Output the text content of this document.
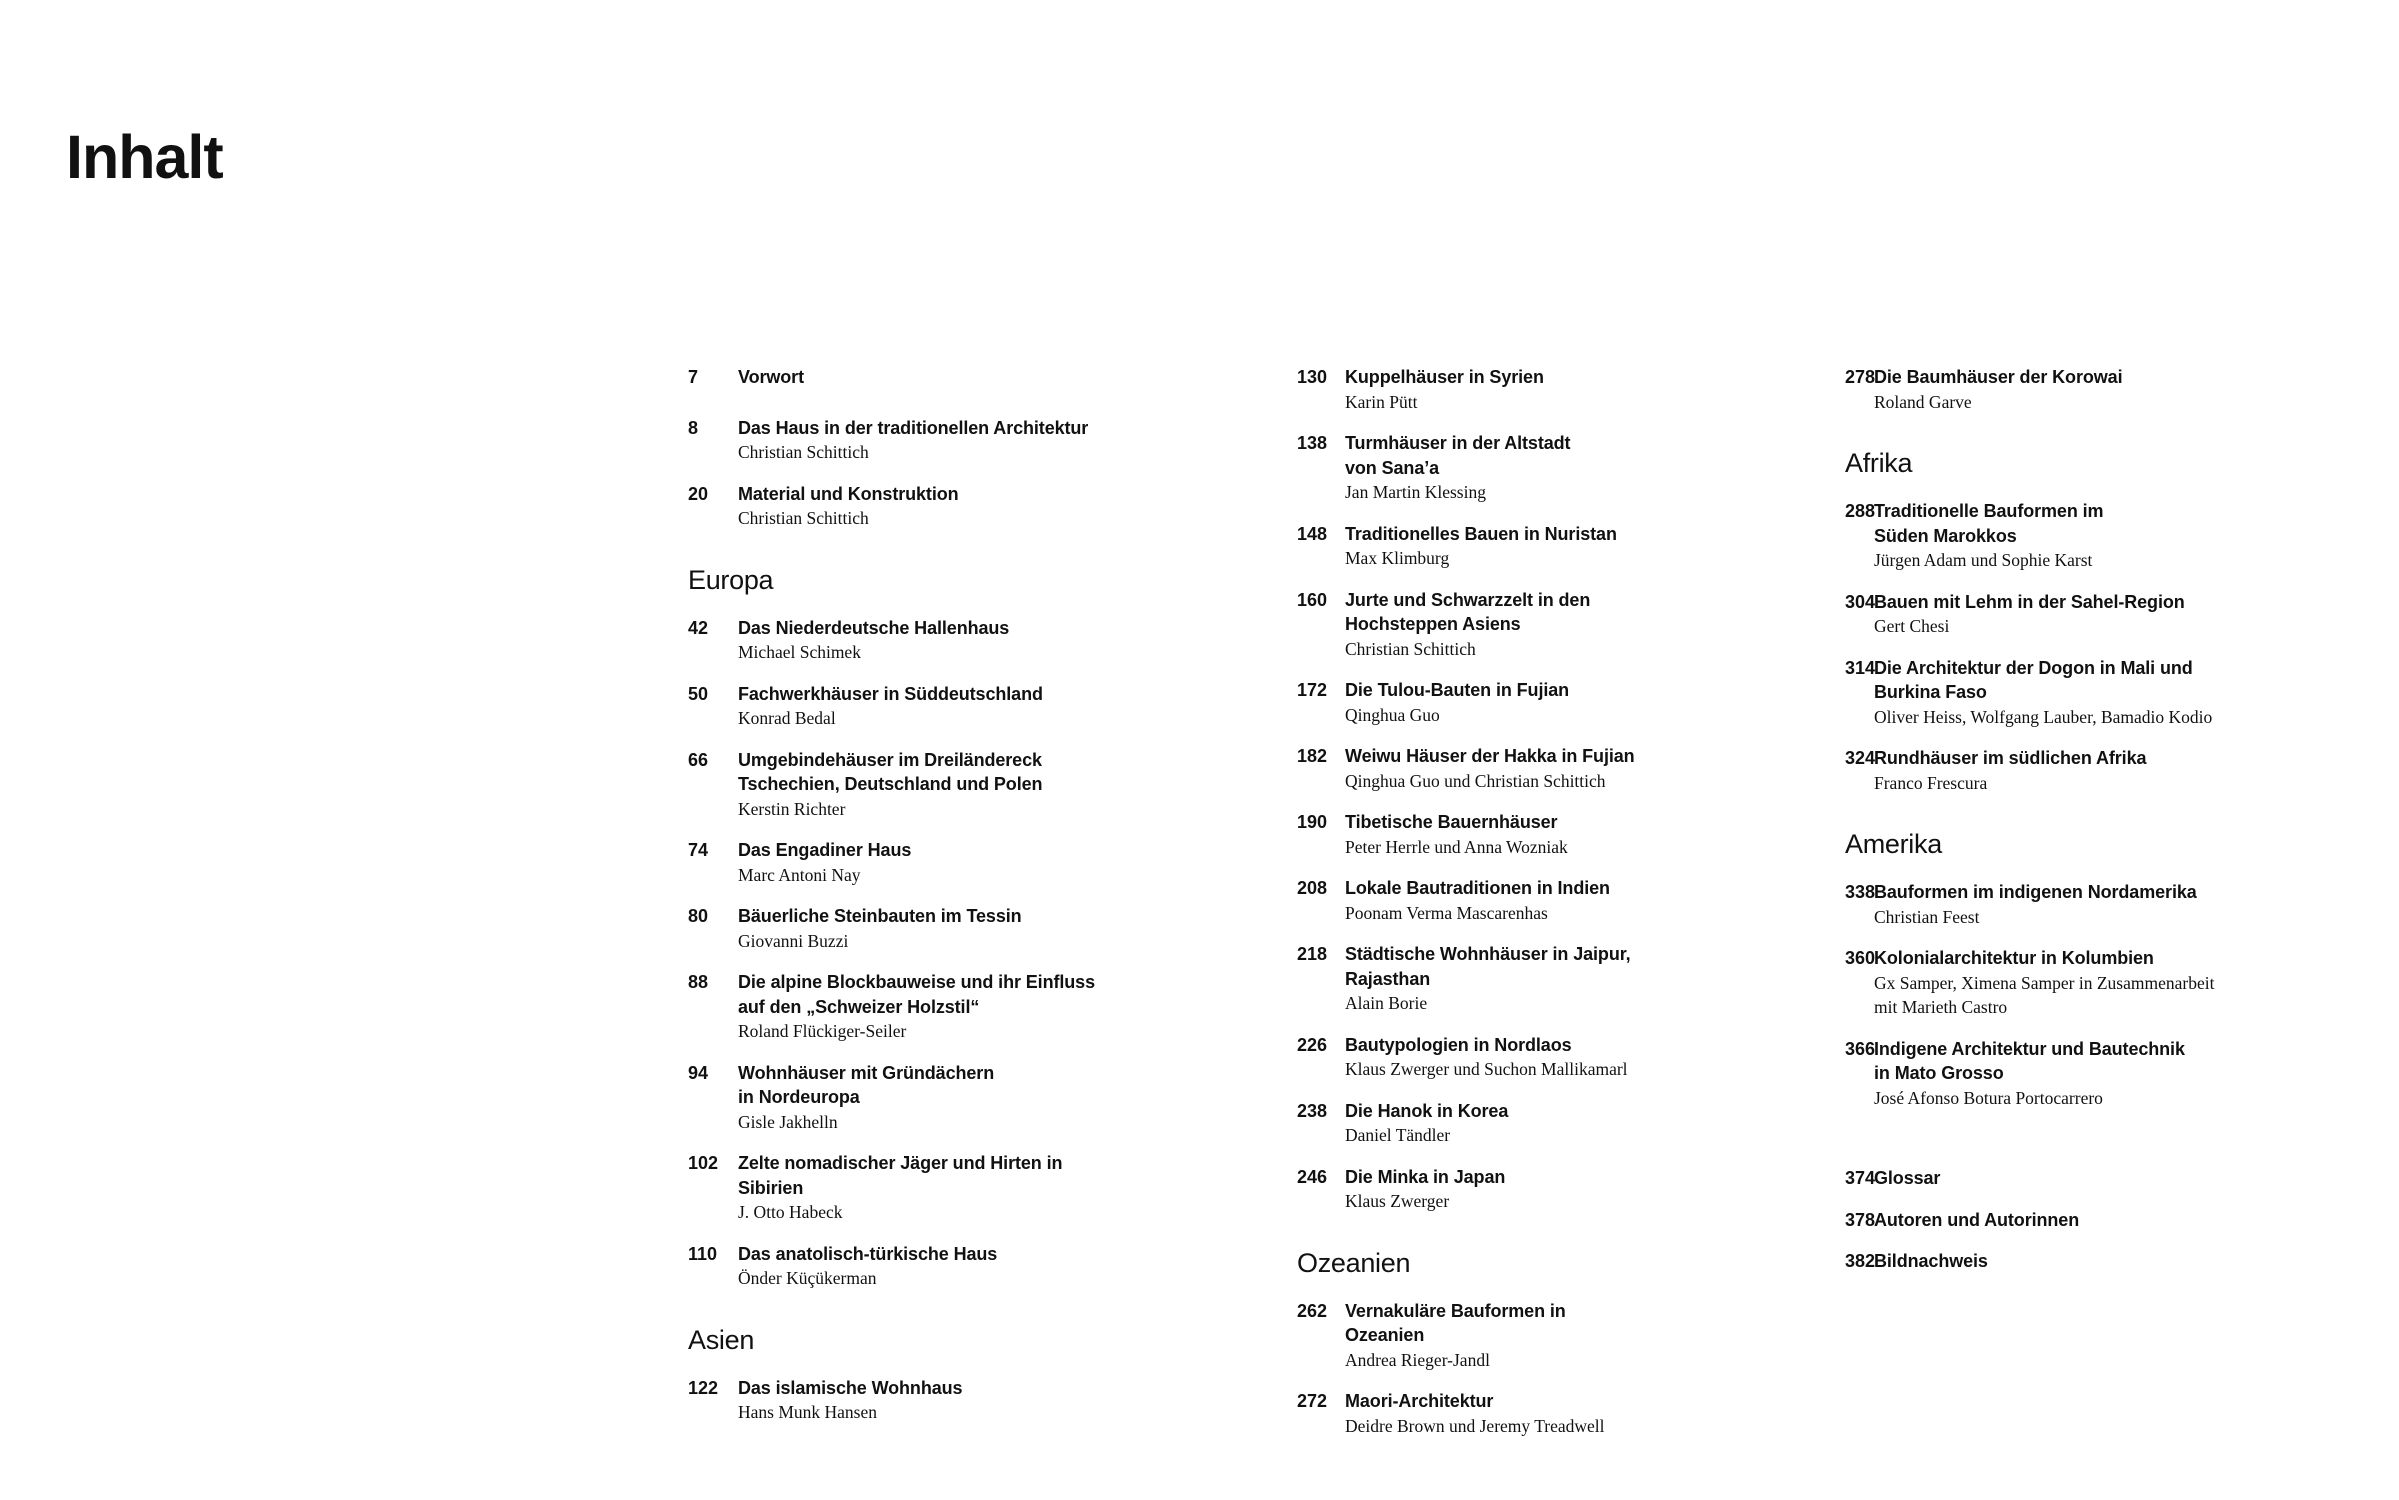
Inhalt
7 Vorwort
8 Das Haus in der traditionellen Architektur
Christian Schittich
20 Material und Konstruktion
Christian Schittich
Europa
42 Das Niederdeutsche Hallenhaus
Michael Schimek
50 Fachwerkhäuser in Süddeutschland
Konrad Bedal
66 Umgebindehäuser im Dreiländereck
Tschechien, Deutschland und Polen
Kerstin Richter
74 Das Engadiner Haus
Marc Antoni Nay
80 Bäuerliche Steinbauten im Tessin
Giovanni Buzzi
88 Die alpine Blockbauweise und ihr Einfluss
auf den „Schweizer Holzstil“
Roland Flückiger-Seiler
94 Wohnhäuser mit Gründächern
in Nordeuropa
Gisle Jakhelln
102 Zelte nomadischer Jäger und Hirten in
Sibirien
J. Otto Habeck
110 Das anatolisch-türkische Haus
Önder Küçükerman
Asien
122 Das islamische Wohnhaus
Hans Munk Hansen
130 Kuppelhäuser in Syrien
Karin Pütt
138 Turmhäuser in der Altstadt
von Sana’a
Jan Martin Klessing
148 Traditionelles Bauen in Nuristan
Max Klimburg
160 Jurte und Schwarzzelt in den
Hochsteppen Asiens
Christian Schittich
172 Die Tulou-Bauten in Fujian
Qinghua Guo
182 Weiwu Häuser der Hakka in Fujian
Qinghua Guo und Christian Schittich
190 Tibetische Bauernhäuser
Peter Herrle und Anna Wozniak
208 Lokale Bautraditionen in Indien
Poonam Verma Mascarenhas
218 Städtische Wohnhäuser in Jaipur,
Rajasthan
Alain Borie
226 Bautypologien in Nordlaos
Klaus Zwerger und Suchon Mallikamarl
238 Die Hanok in Korea
Daniel Tändler
246 Die Minka in Japan
Klaus Zwerger
Ozeanien
262 Vernakuläre Bauformen in
Ozeanien
Andrea Rieger-Jandl
272 Maori-Architektur
Deidre Brown und Jeremy Treadwell
278
Die Baumhäuser der Korowai
Roland Garve
Afrika
288
Traditionelle Bauformen im
Süden Marokkos
Jürgen Adam und Sophie Karst
304
Bauen mit Lehm in der Sahel-Region
Gert Chesi
314
Die Architektur der Dogon in Mali und
Burkina Faso
Oliver Heiss, Wolfgang Lauber, Bamadio Kodio
324
Rundhäuser im südlichen Afrika
Franco Frescura
Amerika
338
Bauformen im indigenen Nordamerika
Christian Feest
360
Kolonialarchitektur in Kolumbien
Gx Samper, Ximena Samper in Zusammenarbeit
mit Marieth Castro
366
Indigene Architektur und Bautechnik
in Mato Grosso
José Afonso Botura Portocarrero
374
Glossar
378
Autoren und Autorinnen
382
Bildnachweis
